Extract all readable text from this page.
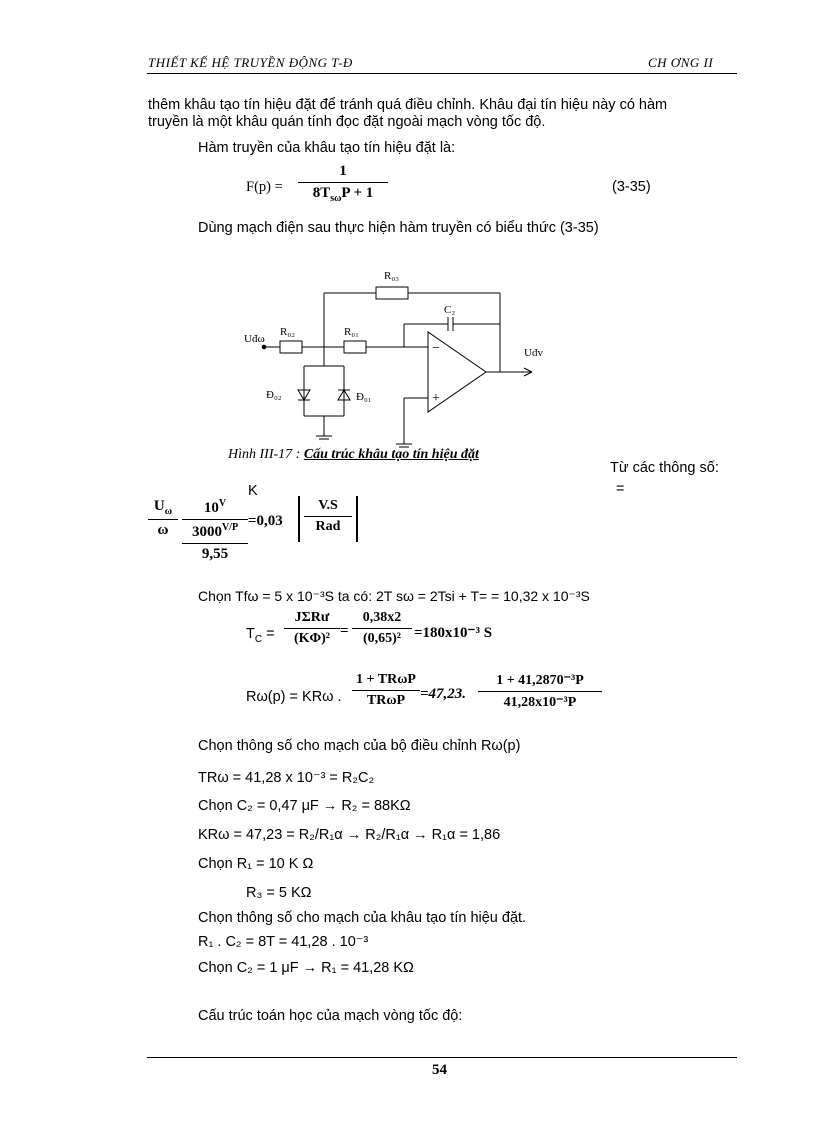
THIẾT KẾ HỆ TRUYỀN ĐỘNG T-Đ	CH ƠNG II
thêm khâu tạo tín hiệu đặt để tránh quá điều chỉnh. Khâu đại tín hiệu này có hàm
truyền là một khâu quán tính đọc đặt ngoài mạch vòng tốc độ.
Hàm truyền của khâu tạo tín hiệu đặt là:
F(p) =
1
$8T_{s\omega}P + 1$	(3-35)
Dùng mạch điện sau thực hiện hàm truyền có biểu thức (3-35)
R₀₃
R₀₂	R₀₁
C₂
Uđω
Uđv
Đ₀₂	Đ₀₁
−
+
Hình III-17 : Cấu trúc khâu tạo tín hiệu đặt
Từ các thông số:
=
K
$U_\omega$
ω
$10^V$
$3000^{V/P}$
9,55
=0,03
V.S
Rad
Chọn Tfω = 5 x 10⁻³S ta có: 2T sω = 2Tsi + T= = 10,32 x 10⁻³S
$T_C$ =
JΣRư
(KΦ)² =
0,38x2
(0,65)² =180x10⁻³ S
Rω(p) = KRω .
1 + TRωP
TRωP =47,23.
1 + 41,2870⁻³P
41,28x10⁻³P
Chọn thông số cho mạch của bộ điều chỉnh Rω(p)
TRω = 41,28 x 10⁻³ = R₂C₂
Chọn C₂ = 0,47 μF → R₂ = 88KΩ
KRω = 47,23 = R₂/R₁α → R₂/R₁α → R₁α = 1,86
Chọn R₁ = 10 K Ω
R₃ = 5 KΩ
Chọn thông số cho mạch của khâu tạo tín hiệu đặt.
R₁ . C₂ = 8T = 41,28 . 10⁻³
Chọn C₂ = 1 μF → R₁ = 41,28 KΩ
Cấu trúc toán học của mạch vòng tốc độ:
54
